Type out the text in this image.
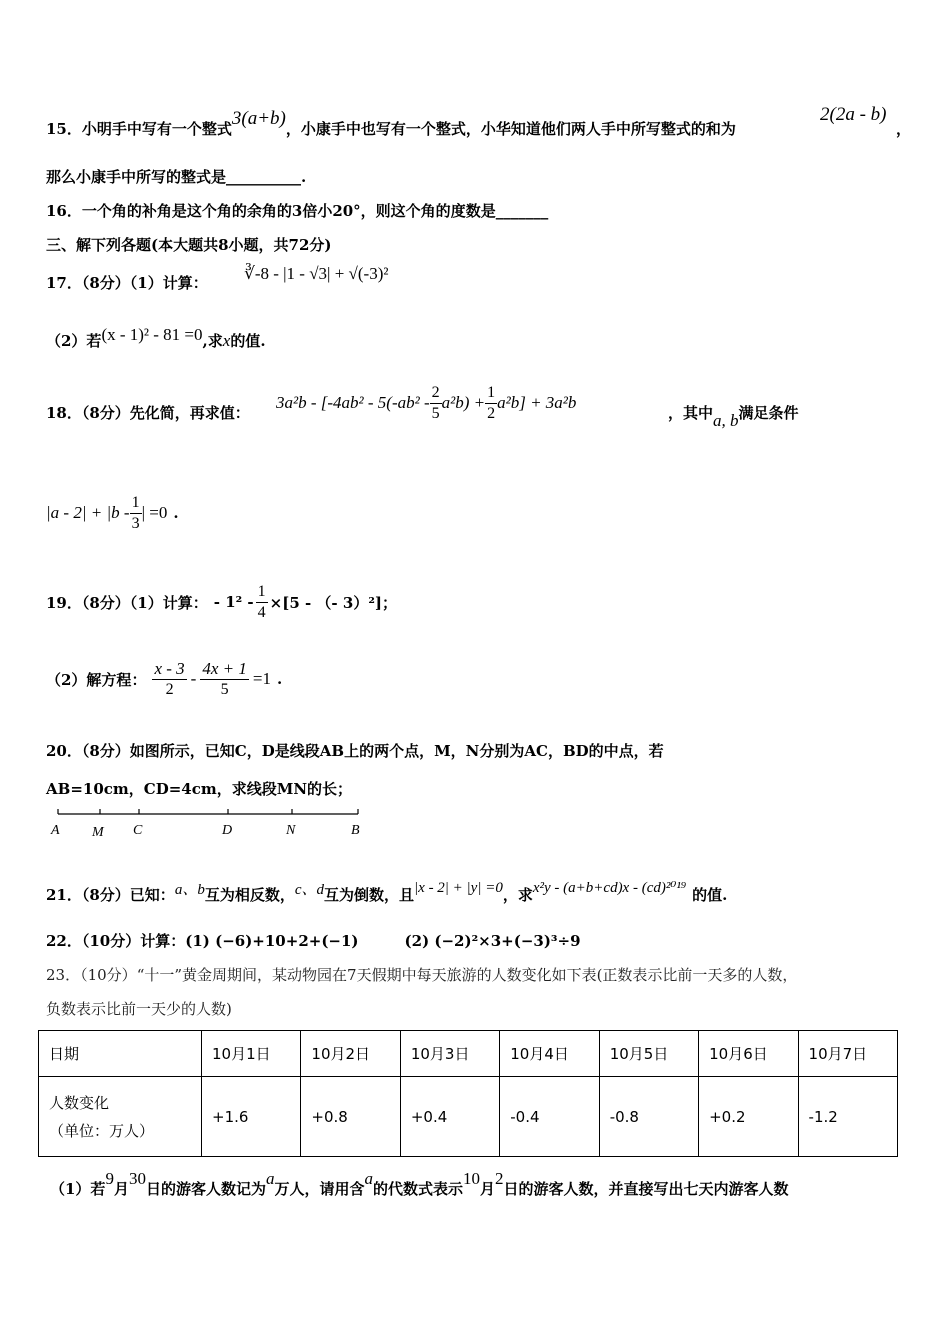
15．小明手中写有一个整式3(a+b)，小康手中也写有一个整式，小华知道他们两人手中所写整式的和为
2(2a - b)
，
那么小康手中所写的整式是__________.
16．一个角的补角是这个角的余角的3倍小20°，则这个角的度数是_______
三、解下列各题(本大题共8小题，共72分)
17．（8分）（1）计算： ∛-8 - |1 - √3| + √(-3)²
（2）若(x - 1)² - 81 =0,求x的值.
18．（8分）先化简，再求值：
$3a^2b - [-4ab^2 - 5(-ab^2 - \frac{2}{5} a^2b) + \frac{1}{2} a^2b] + 3a^2b$
，其中a, b满足条件
$|a - 2| + |b - \frac{1}{3}$ | =0 .
19．（8分）（1）计算： - $1^2 - \frac{1}{4} \times[5$ - （- 3）²]；
（2）解方程： $\frac{x - 3}{2} - \frac{4x + 1}{5} =1$ .
20．（8分）如图所示，已知C，D是线段AB上的两个点，M，N分别为AC，BD的中点，若
AB=10cm，CD=4cm，求线段MN的长；
A M C	D	N	B
21．（8分）已知：a、b互为相反数，c、d互为倒数，且|x - 2| + |y| =0，求x²y - (a+b+cd)x - (cd)²⁰¹⁹ 的值.
22．（10分）计算：(1) (−6)+10+2+(−1)	(2) (−2)²×3+(−3)³÷9
23．（10分）“十一”黄金周期间，某动物园在7天假期中每天旅游的人数变化如下表(正数表示比前一天多的人数，
负数表示比前一天少的人数)
日期	10月1日	10月2日	10月3日	10月4日	10月5日	10月6日	10月7日

人数变化
（单位：万人）	+1.6	+0.8	+0.4	-0.4	-0.8	+0.2	-1.2
（1）若9月30日的游客人数记为a万人，请用含a的代数式表示10月2日的游客人数，并直接写出七天内游客人数
